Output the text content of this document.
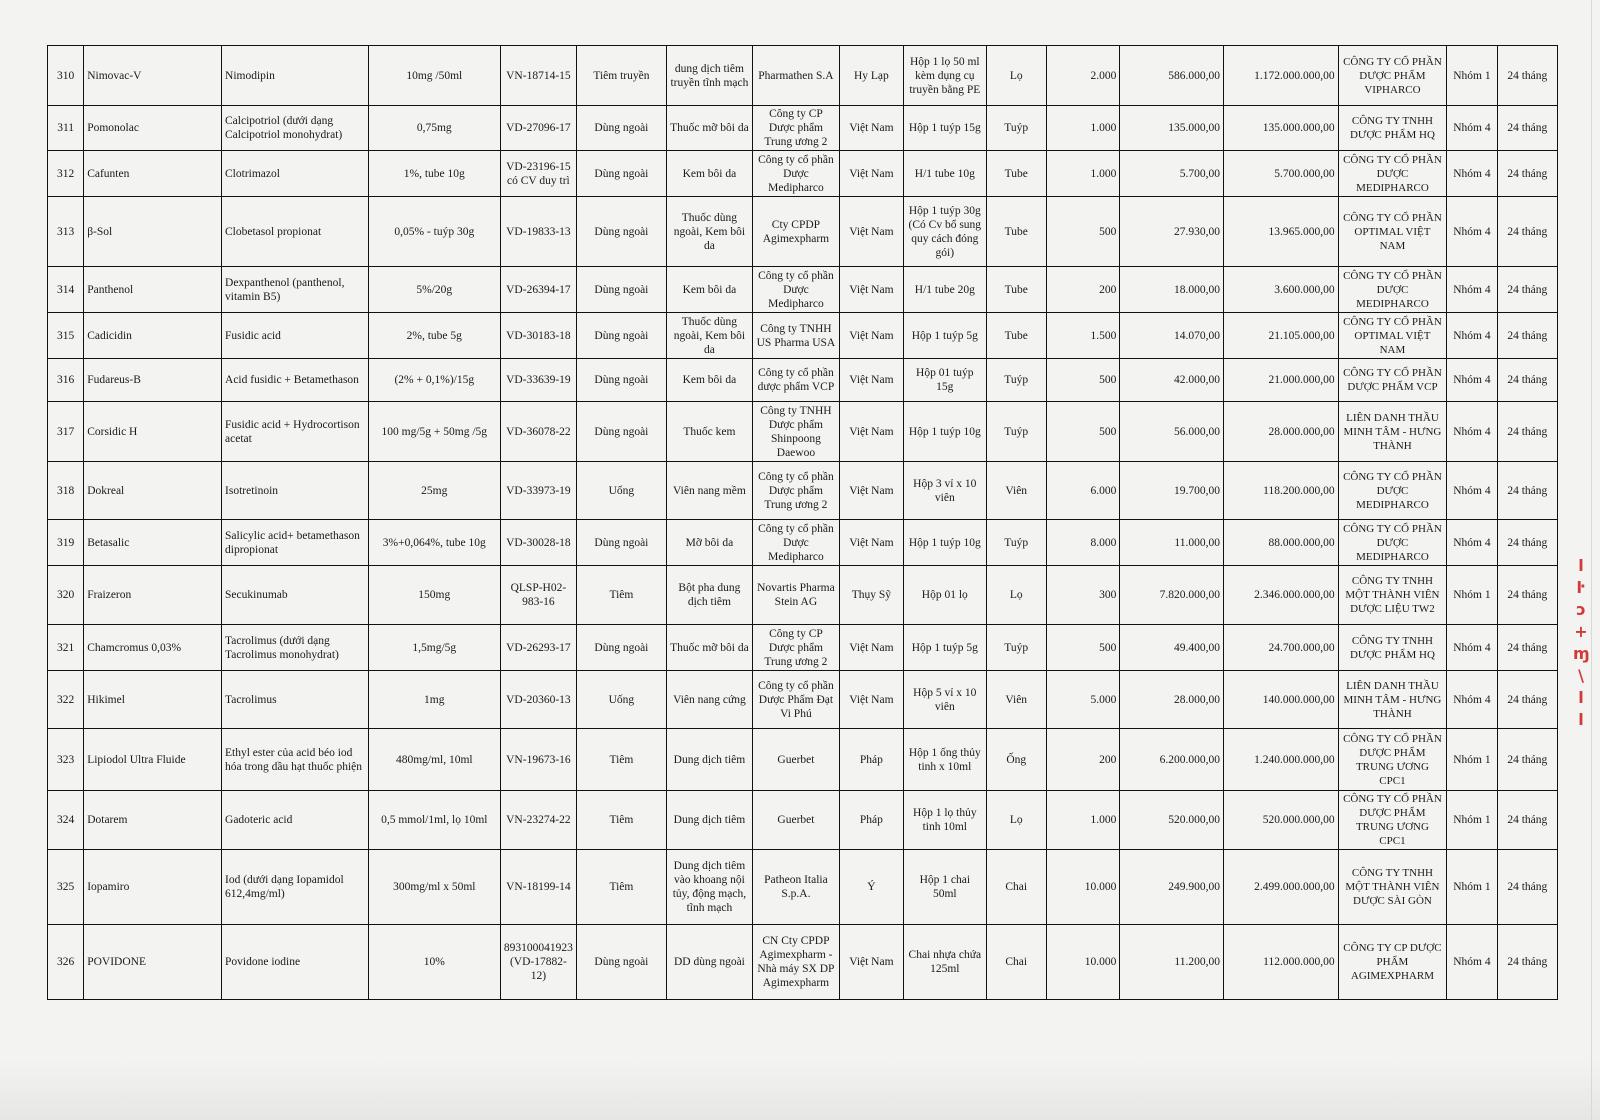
310	Nimovac-V	Nimodipin	10mg /50ml	VN-18714-15	Tiêm truyền	dung dịch tiêm truyền tĩnh mạch	Pharmathen S.A	Hy Lạp	Hộp 1 lọ 50 ml kèm dụng cụ truyền bằng PE	Lọ	2.000	586.000,00	1.172.000.000,00	CÔNG TY CỔ PHẦN DƯỢC PHẨM VIPHARCO	Nhóm 1	24 tháng
311	Pomonolac	Calcipotriol (dưới dạng Calcipotriol monohydrat)	0,75mg	VD-27096-17	Dùng ngoài	Thuốc mỡ bôi da	Công ty CP Dược phẩm Trung ương 2	Việt Nam	Hộp 1 tuýp 15g	Tuýp	1.000	135.000,00	135.000.000,00	CÔNG TY TNHH DƯỢC PHẨM HQ	Nhóm 4	24 tháng
312	Cafunten	Clotrimazol	1%, tube 10g	VD-23196-15 có CV duy trì	Dùng ngoài	Kem bôi da	Công ty cổ phần Dược Medipharco	Việt Nam	H/1 tube 10g	Tube	1.000	5.700,00	5.700.000,00	CÔNG TY CỔ PHẦN DƯỢC MEDIPHARCO	Nhóm 4	24 tháng
313	β-Sol	Clobetasol propionat	0,05% - tuýp 30g	VD-19833-13	Dùng ngoài	Thuốc dùng ngoài, Kem bôi da	Cty CPDP Agimexpharm	Việt Nam	Hộp 1 tuýp 30g (Có Cv bổ sung quy cách đóng gói)	Tube	500	27.930,00	13.965.000,00	CÔNG TY CỔ PHẦN OPTIMAL VIỆT NAM	Nhóm 4	24 tháng
314	Panthenol	Dexpanthenol (panthenol, vitamin B5)	5%/20g	VD-26394-17	Dùng ngoài	Kem bôi da	Công ty cổ phần Dược Medipharco	Việt Nam	H/1 tube 20g	Tube	200	18.000,00	3.600.000,00	CÔNG TY CỔ PHẦN DƯỢC MEDIPHARCO	Nhóm 4	24 tháng
315	Cadicidin	Fusidic acid	2%, tube 5g	VD-30183-18	Dùng ngoài	Thuốc dùng ngoài, Kem bôi da	Công ty TNHH US Pharma USA	Việt Nam	Hộp 1 tuýp 5g	Tube	1.500	14.070,00	21.105.000,00	CÔNG TY CỔ PHẦN OPTIMAL VIỆT NAM	Nhóm 4	24 tháng
316	Fudareus-B	Acid fusidic + Betamethason	(2% + 0,1%)/15g	VD-33639-19	Dùng ngoài	Kem bôi da	Công ty cổ phần dược phẩm VCP	Việt Nam	Hộp 01 tuýp 15g	Tuýp	500	42.000,00	21.000.000,00	CÔNG TY CỔ PHẦN DƯỢC PHẨM VCP	Nhóm 4	24 tháng
317	Corsidic H	Fusidic acid + Hydrocortison acetat	100 mg/5g + 50mg /5g	VD-36078-22	Dùng ngoài	Thuốc kem	Công ty TNHH Dược phẩm Shinpoong Daewoo	Việt Nam	Hộp 1 tuýp 10g	Tuýp	500	56.000,00	28.000.000,00	LIÊN DANH THẦU MINH TÂM - HƯNG THÀNH	Nhóm 4	24 tháng
318	Dokreal	Isotretinoin	25mg	VD-33973-19	Uống	Viên nang mềm	Công ty cổ phần Dược phẩm Trung ương 2	Việt Nam	Hộp 3 vỉ x 10 viên	Viên	6.000	19.700,00	118.200.000,00	CÔNG TY CỔ PHẦN DƯỢC MEDIPHARCO	Nhóm 4	24 tháng
319	Betasalic	Salicylic acid+ betamethason dipropionat	3%+0,064%, tube 10g	VD-30028-18	Dùng ngoài	Mỡ bôi da	Công ty cổ phần Dược Medipharco	Việt Nam	Hộp 1 tuýp 10g	Tuýp	8.000	11.000,00	88.000.000,00	CÔNG TY CỔ PHẦN DƯỢC MEDIPHARCO	Nhóm 4	24 tháng
320	Fraizeron	Secukinumab	150mg	QLSP-H02-983-16	Tiêm	Bột pha dung dịch tiêm	Novartis Pharma Stein AG	Thụy Sỹ	Hộp 01 lọ	Lọ	300	7.820.000,00	2.346.000.000,00	CÔNG TY TNHH MỘT THÀNH VIÊN DƯỢC LIỆU TW2	Nhóm 1	24 tháng
321	Chamcromus 0,03%	Tacrolimus (dưới dạng Tacrolimus monohydrat)	1,5mg/5g	VD-26293-17	Dùng ngoài	Thuốc mỡ bôi da	Công ty CP Dược phẩm Trung ương 2	Việt Nam	Hộp 1 tuýp 5g	Tuýp	500	49.400,00	24.700.000,00	CÔNG TY TNHH DƯỢC PHẨM HQ	Nhóm 4	24 tháng
322	Hikimel	Tacrolimus	1mg	VD-20360-13	Uống	Viên nang cứng	Công ty cổ phần Dược Phẩm Đạt Vi Phú	Việt Nam	Hộp 5 vỉ x 10 viên	Viên	5.000	28.000,00	140.000.000,00	LIÊN DANH THẦU MINH TÂM - HƯNG THÀNH	Nhóm 4	24 tháng
323	Lipiodol Ultra Fluide	Ethyl ester của acid béo iod hóa trong dầu hạt thuốc phiện	480mg/ml, 10ml	VN-19673-16	Tiêm	Dung dịch tiêm	Guerbet	Pháp	Hộp 1 ống thủy tinh x 10ml	Ống	200	6.200.000,00	1.240.000.000,00	CÔNG TY CỔ PHẦN DƯỢC PHẨM TRUNG ƯƠNG CPC1	Nhóm 1	24 tháng
324	Dotarem	Gadoteric acid	0,5 mmol/1ml, lọ 10ml	VN-23274-22	Tiêm	Dung dịch tiêm	Guerbet	Pháp	Hộp 1 lọ thủy tinh 10ml	Lọ	1.000	520.000,00	520.000.000,00	CÔNG TY CỔ PHẦN DƯỢC PHẨM TRUNG ƯƠNG CPC1	Nhóm 1	24 tháng
325	Iopamiro	Iod (dưới dạng Iopamidol 612,4mg/ml)	300mg/ml x 50ml	VN-18199-14	Tiêm	Dung dịch tiêm vào khoang nội tủy, động mạch, tĩnh mạch	Patheon Italia S.p.A.	Ý	Hộp 1 chai 50ml	Chai	10.000	249.900,00	2.499.000.000,00	CÔNG TY TNHH MỘT THÀNH VIÊN DƯỢC SÀI GÒN	Nhóm 1	24 tháng
326	POVIDONE	Povidone iodine	10%	893100041923 (VD-17882-12)	Dùng ngoài	DD dùng ngoài	CN Cty CPDP Agimexpharm - Nhà máy SX DP Agimexpharm	Việt Nam	Chai nhựa chứa 125ml	Chai	10.000	11.200,00	112.000.000,00	CÔNG TY CP DƯỢC PHẨM AGIMEXPHARM	Nhóm 4	24 tháng
l
ŀ
ɔ
+
ɱ
\
l
l
